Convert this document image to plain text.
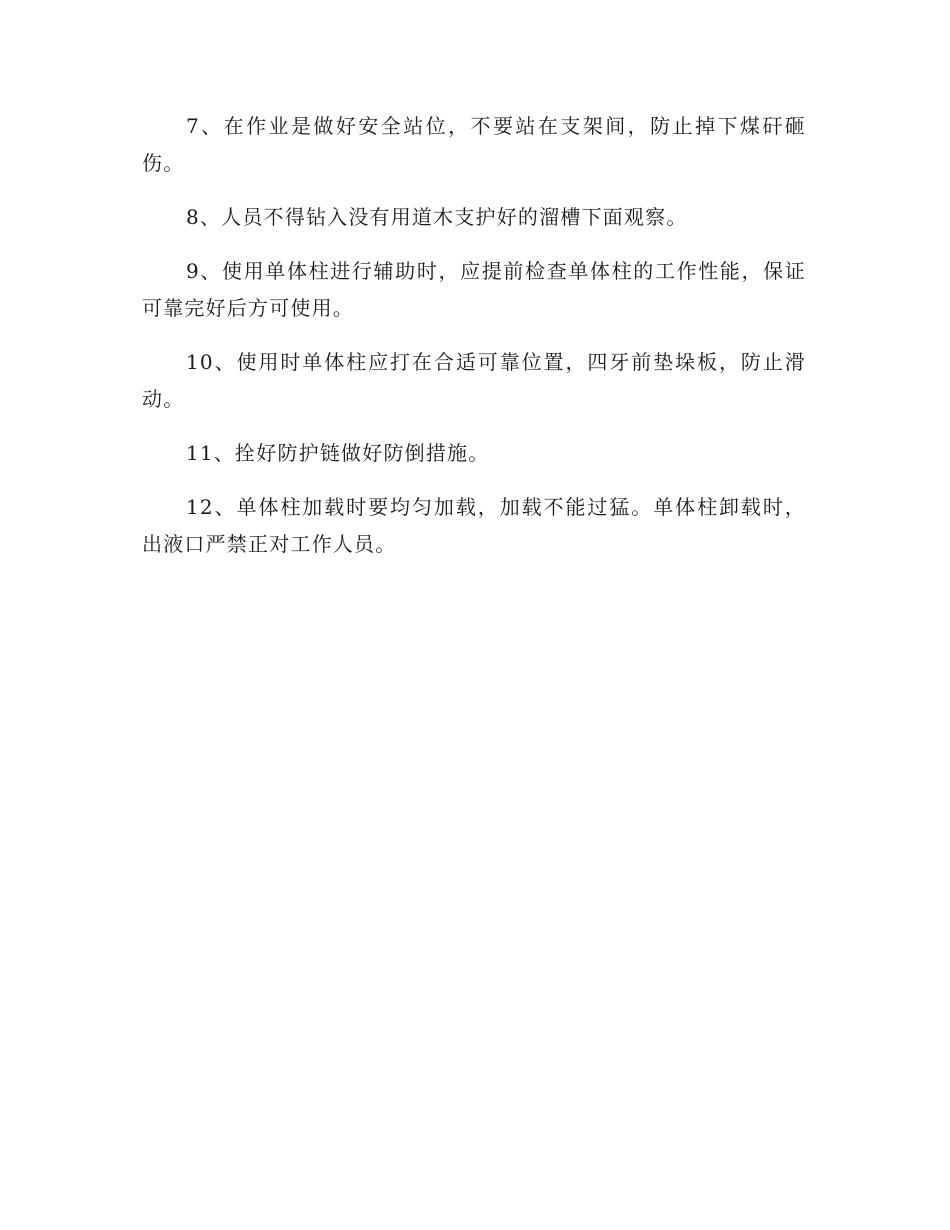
7、在作业是做好安全站位，不要站在支架间，防止掉下煤矸砸伤。

8、人员不得钻入没有用道木支护好的溜槽下面观察。

9、使用单体柱进行辅助时，应提前检查单体柱的工作性能，保证可靠完好后方可使用。

10、使用时单体柱应打在合适可靠位置，四牙前垫垛板，防止滑动。

11、拴好防护链做好防倒措施。

12、单体柱加载时要均匀加载，加载不能过猛。单体柱卸载时，出液口严禁正对工作人员。
